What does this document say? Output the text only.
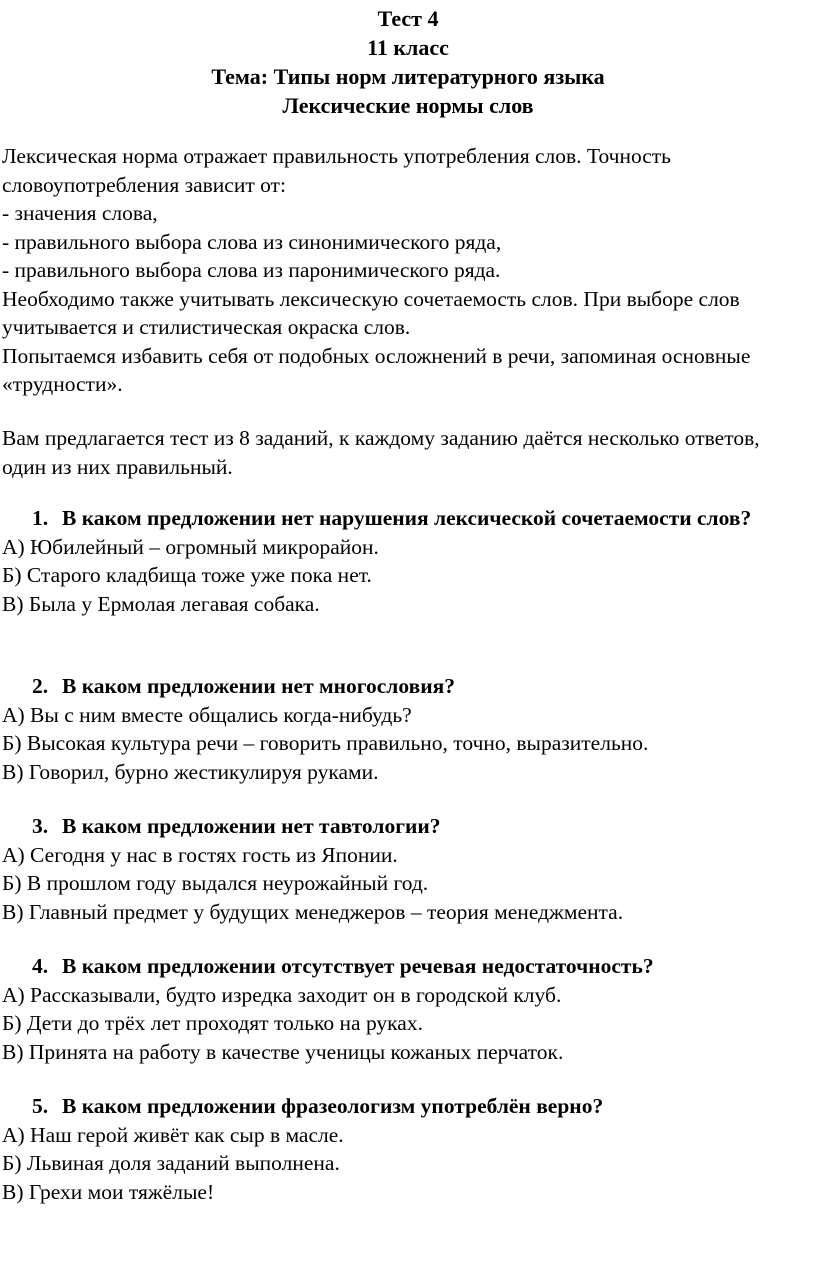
Тест 4
11 класс
Тема: Типы норм литературного языка
Лексические нормы слов

Лексическая норма отражает правильность употребления слов. Точность словоупотребления зависит от:

- значения слова,

- правильного выбора слова из синонимического ряда,

- правильного выбора слова из паронимического ряда.

Необходимо также учитывать лексическую сочетаемость слов. При выборе слов учитывается и стилистическая окраска слов.

Попытаемся избавить себя от подобных осложнений в речи, запоминая основные «трудности».

Вам предлагается тест из 8 заданий, к каждому заданию даётся несколько ответов, один из них правильный.
1. В каком предложении нет нарушения лексической сочетаемости слов?

А) Юбилейный – огромный микрорайон.

Б) Старого кладбища тоже уже пока нет.

В) Была у Ермолая легавая собака.

2. В каком предложении нет многословия?

А) Вы с ним вместе общались когда-нибудь?

Б) Высокая культура речи – говорить правильно, точно, выразительно.

В) Говорил, бурно жестикулируя руками.

3. В каком предложении нет тавтологии?

А) Сегодня у нас в гостях гость из Японии.

Б) В прошлом году выдался неурожайный год.

В) Главный предмет у будущих менеджеров – теория менеджмента.

4. В каком предложении отсутствует речевая недостаточность?

А) Рассказывали, будто изредка заходит он в городской клуб.

Б) Дети до трёх лет проходят только на руках.

В) Принята на работу в качестве ученицы кожаных перчаток.

5. В каком предложении фразеологизм употреблён верно?

А) Наш герой живёт как сыр в масле.

Б) Львиная доля заданий выполнена.

В) Грехи мои тяжёлые!
